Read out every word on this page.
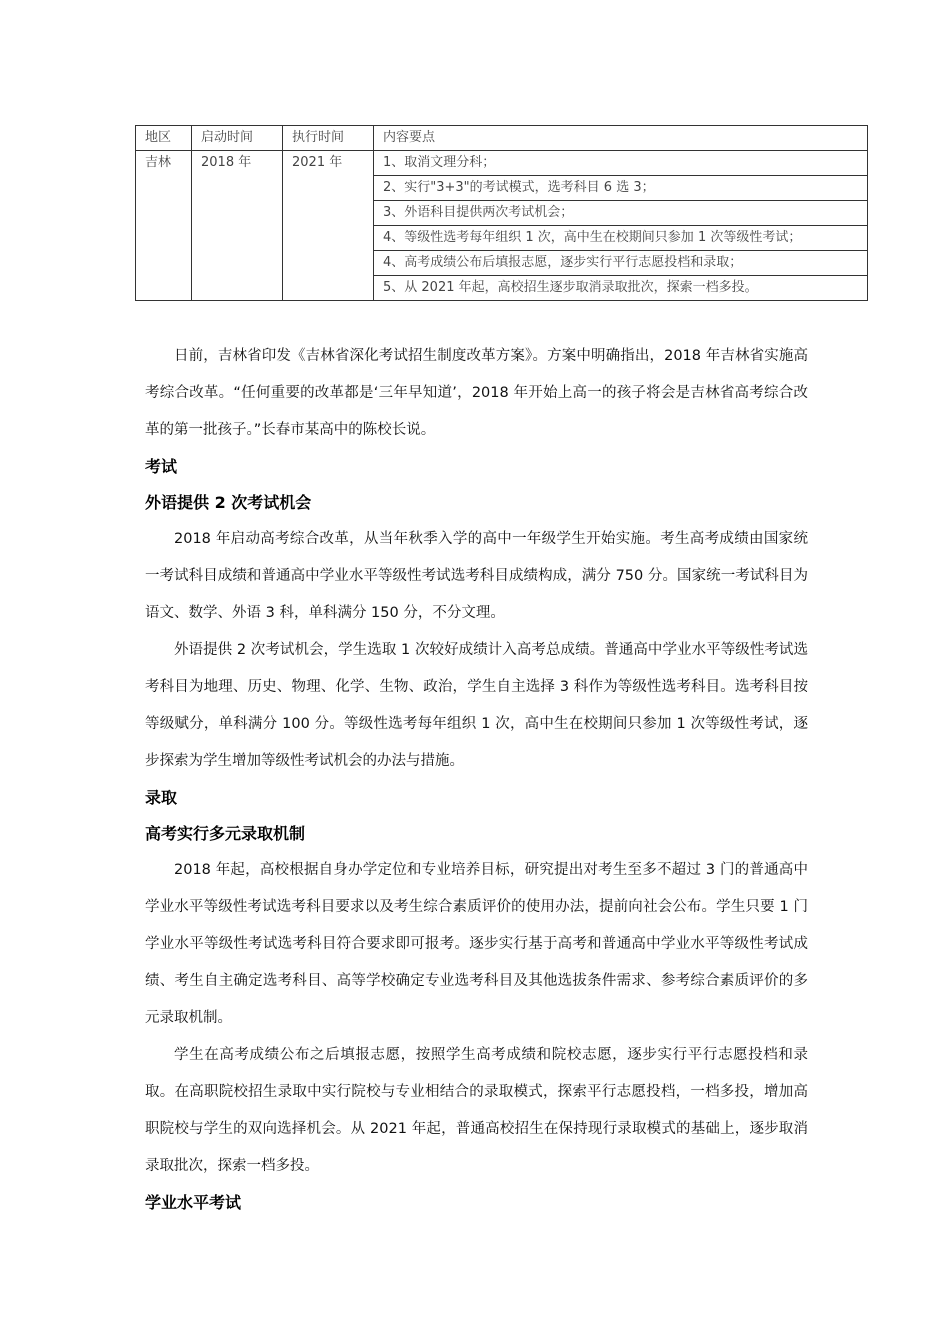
地区	启动时间	执行时间	内容要点
吉林	2018 年	2021 年	1、取消文理分科；
			2、实行"3+3"的考试模式，选考科目 6 选 3；
			3、外语科目提供两次考试机会；
			4、等级性选考每年组织 1 次，高中生在校期间只参加 1 次等级性考试；
			4、高考成绩公布后填报志愿，逐步实行平行志愿投档和录取；
			5、从 2021 年起，高校招生逐步取消录取批次，探索一档多投。

日前，吉林省印发《吉林省深化考试招生制度改革方案》。方案中明确指出，2018 年吉林省实施高考综合改革。“任何重要的改革都是‘三年早知道’，2018 年开始上高一的孩子将会是吉林省高考综合改革的第一批孩子。”长春市某高中的陈校长说。

考试
外语提供 2 次考试机会

2018 年启动高考综合改革，从当年秋季入学的高中一年级学生开始实施。考生高考成绩由国家统一考试科目成绩和普通高中学业水平等级性考试选考科目成绩构成，满分 750 分。国家统一考试科目为语文、数学、外语 3 科，单科满分 150 分，不分文理。

外语提供 2 次考试机会，学生选取 1 次较好成绩计入高考总成绩。普通高中学业水平等级性考试选考科目为地理、历史、物理、化学、生物、政治，学生自主选择 3 科作为等级性选考科目。选考科目按等级赋分，单科满分 100 分。等级性选考每年组织 1 次，高中生在校期间只参加 1 次等级性考试，逐步探索为学生增加等级性考试机会的办法与措施。

录取
高考实行多元录取机制

2018 年起，高校根据自身办学定位和专业培养目标，研究提出对考生至多不超过 3 门的普通高中学业水平等级性考试选考科目要求以及考生综合素质评价的使用办法，提前向社会公布。学生只要 1 门学业水平等级性考试选考科目符合要求即可报考。逐步实行基于高考和普通高中学业水平等级性考试成绩、考生自主确定选考科目、高等学校确定专业选考科目及其他选拔条件需求、参考综合素质评价的多元录取机制。

学生在高考成绩公布之后填报志愿，按照学生高考成绩和院校志愿，逐步实行平行志愿投档和录取。在高职院校招生录取中实行院校与专业相结合的录取模式，探索平行志愿投档，一档多投，增加高职院校与学生的双向选择机会。从 2021 年起，普通高校招生在保持现行录取模式的基础上，逐步取消录取批次，探索一档多投。

学业水平考试
